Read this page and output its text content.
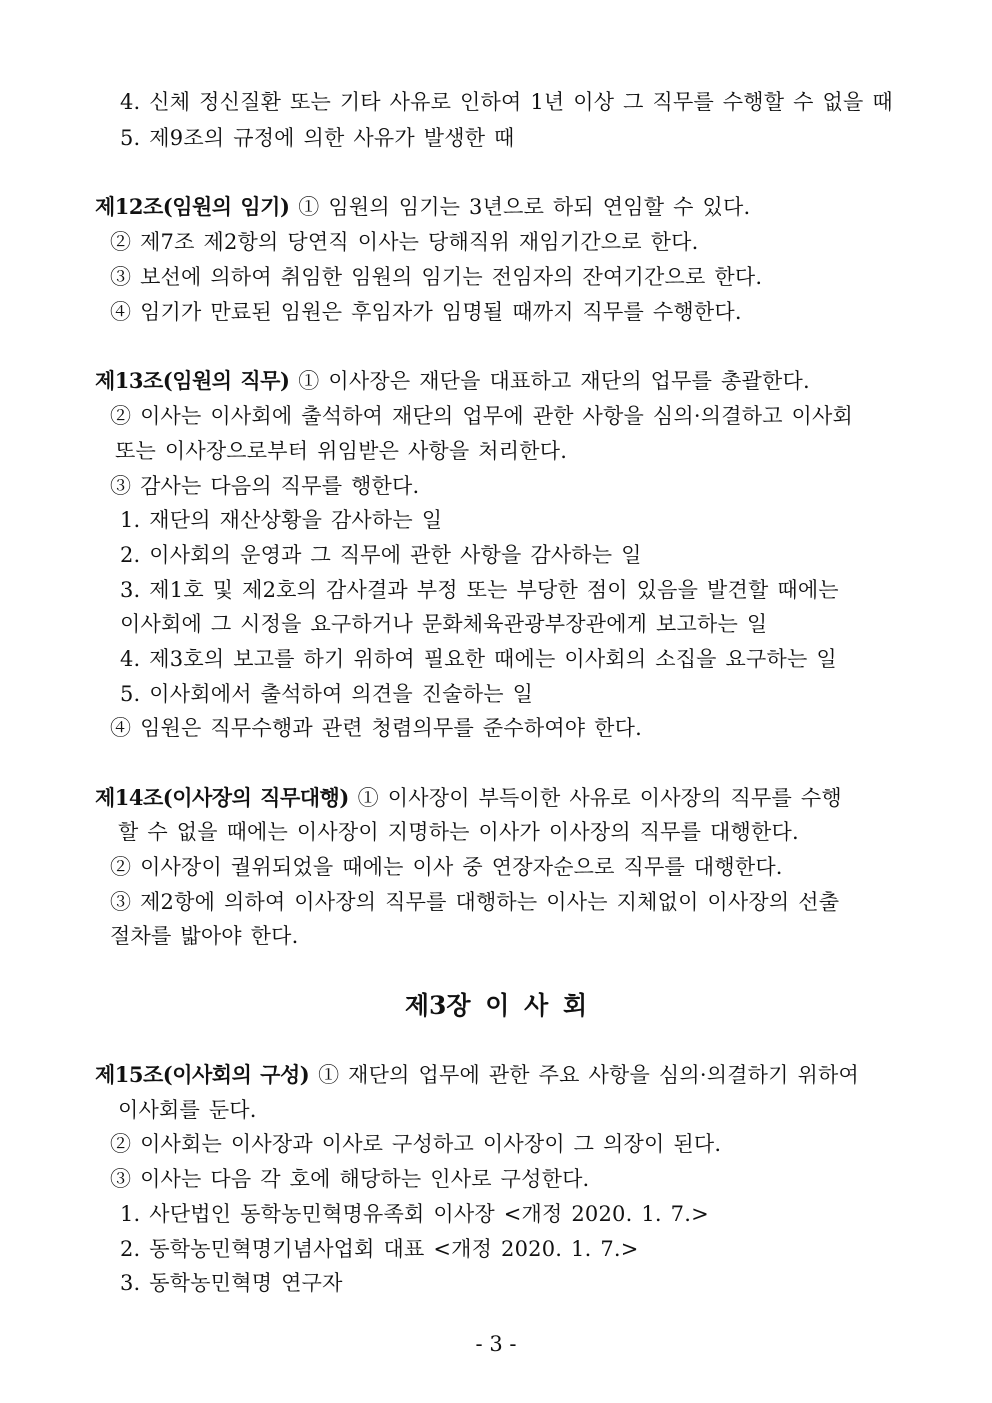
4. 신체 정신질환 또는 기타 사유로 인하여 1년 이상 그 직무를 수행할 수 없을 때
5. 제9조의 규정에 의한 사유가 발생한 때
제12조(임원의 임기) ① 임원의 임기는 3년으로 하되 연임할 수 있다.
② 제7조 제2항의 당연직 이사는 당해직위 재임기간으로 한다.
③ 보선에 의하여 취임한 임원의 임기는 전임자의 잔여기간으로 한다.
④ 임기가 만료된 임원은 후임자가 임명될 때까지 직무를 수행한다.
제13조(임원의 직무) ① 이사장은 재단을 대표하고 재단의 업무를 총괄한다.
② 이사는 이사회에 출석하여 재단의 업무에 관한 사항을 심의·의결하고 이사회
또는 이사장으로부터 위임받은 사항을 처리한다.
③ 감사는 다음의 직무를 행한다.
1. 재단의 재산상황을 감사하는 일
2. 이사회의 운영과 그 직무에 관한 사항을 감사하는 일
3. 제1호 및 제2호의 감사결과 부정 또는 부당한 점이 있음을 발견할 때에는
이사회에 그 시정을 요구하거나 문화체육관광부장관에게 보고하는 일
4. 제3호의 보고를 하기 위하여 필요한 때에는 이사회의 소집을 요구하는 일
5. 이사회에서 출석하여 의견을 진술하는 일
④ 임원은 직무수행과 관련 청렴의무를 준수하여야 한다.
제14조(이사장의 직무대행) ① 이사장이 부득이한 사유로 이사장의 직무를 수행
할 수 없을 때에는 이사장이 지명하는 이사가 이사장의 직무를 대행한다.
② 이사장이 궐위되었을 때에는 이사 중 연장자순으로 직무를 대행한다.
③ 제2항에 의하여 이사장의 직무를 대행하는 이사는 지체없이 이사장의 선출
절차를 밟아야 한다.
제3장 이 사 회
제15조(이사회의 구성) ① 재단의 업무에 관한 주요 사항을 심의·의결하기 위하여
이사회를 둔다.
② 이사회는 이사장과 이사로 구성하고 이사장이 그 의장이 된다.
③ 이사는 다음 각 호에 해당하는 인사로 구성한다.
1. 사단법인 동학농민혁명유족회 이사장 <개정 2020. 1. 7.>
2. 동학농민혁명기념사업회 대표 <개정 2020. 1. 7.>
3. 동학농민혁명 연구자
- 3 -
